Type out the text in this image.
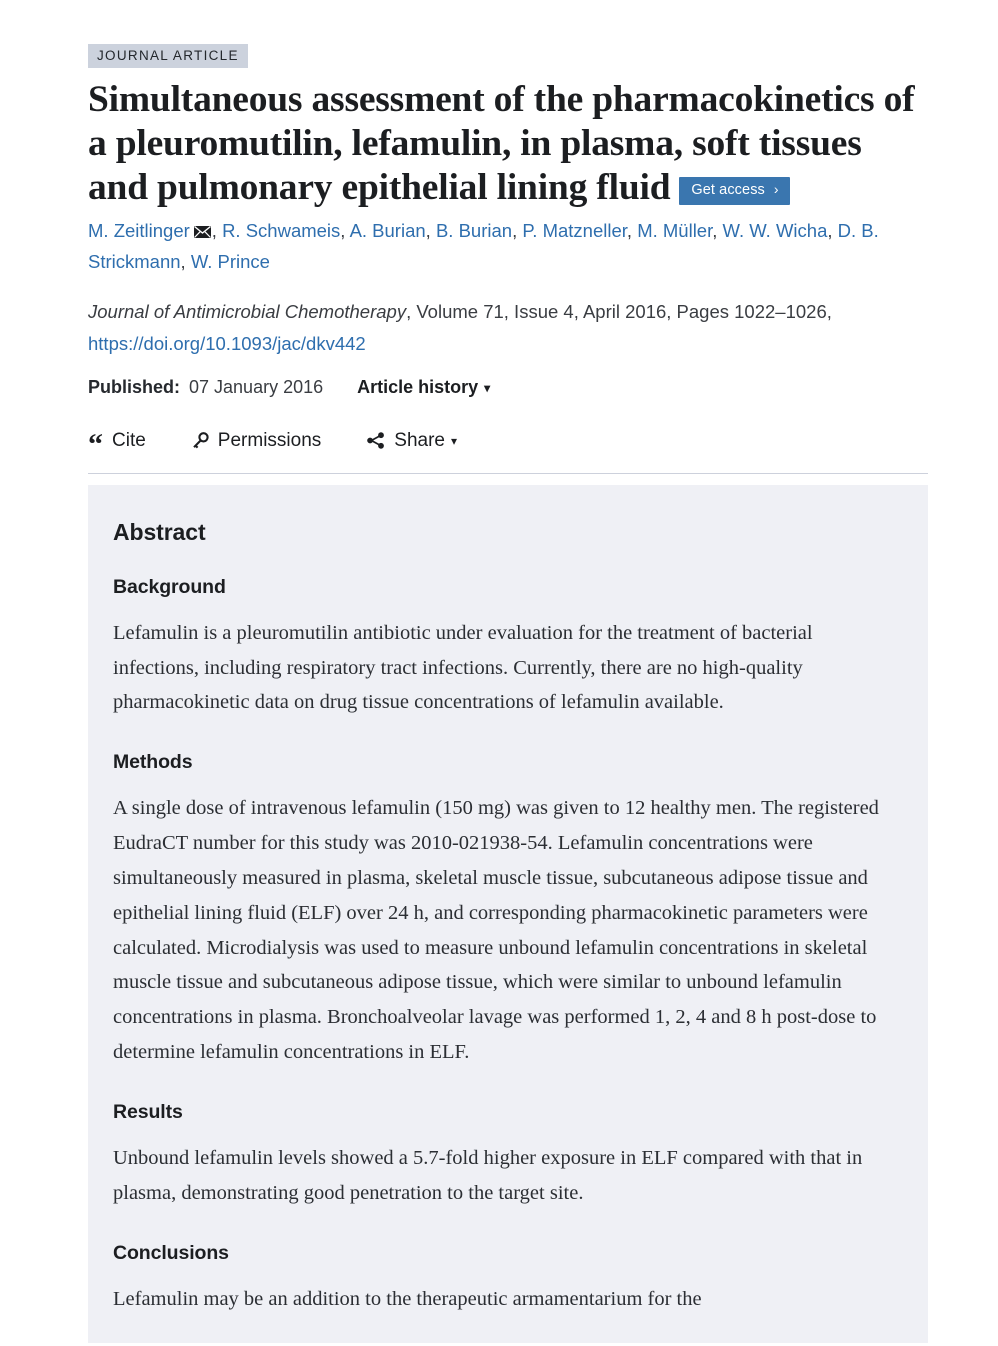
JOURNAL ARTICLE
Simultaneous assessment of the pharmacokinetics of a pleuromutilin, lefamulin, in plasma, soft tissues and pulmonary epithelial lining fluid Get access ›
M. Zeitlinger , R. Schwameis, A. Burian, B. Burian, P. Matzneller, M. Müller, W. W. Wicha, D. B. Strickmann, W. Prince
Journal of Antimicrobial Chemotherapy, Volume 71, Issue 4, April 2016, Pages 1022–1026,
https://doi.org/10.1093/jac/dkv442
Published: 07 January 2016 Article history ▾
“ Cite	Permissions	Share ▾
Abstract
Background

Lefamulin is a pleuromutilin antibiotic under evaluation for the treatment of bacterial infections, including respiratory tract infections. Currently, there are no high‐quality pharmacokinetic data on drug tissue concentrations of lefamulin available.

Methods

A single dose of intravenous lefamulin (150 mg) was given to 12 healthy men. The registered EudraCT number for this study was 2010‐021938‐54. Lefamulin concentrations were simultaneously measured in plasma, skeletal muscle tissue, subcutaneous adipose tissue and epithelial lining fluid (ELF) over 24 h, and corresponding pharmacokinetic parameters were calculated. Microdialysis was used to measure unbound lefamulin concentrations in skeletal muscle tissue and subcutaneous adipose tissue, which were similar to unbound lefamulin concentrations in plasma. Bronchoalveolar lavage was performed 1, 2, 4 and 8 h post‐dose to determine lefamulin concentrations in ELF.

Results

Unbound lefamulin levels showed a 5.7‐fold higher exposure in ELF compared with that in plasma, demonstrating good penetration to the target site.

Conclusions

Lefamulin may be an addition to the therapeutic armamentarium for the
